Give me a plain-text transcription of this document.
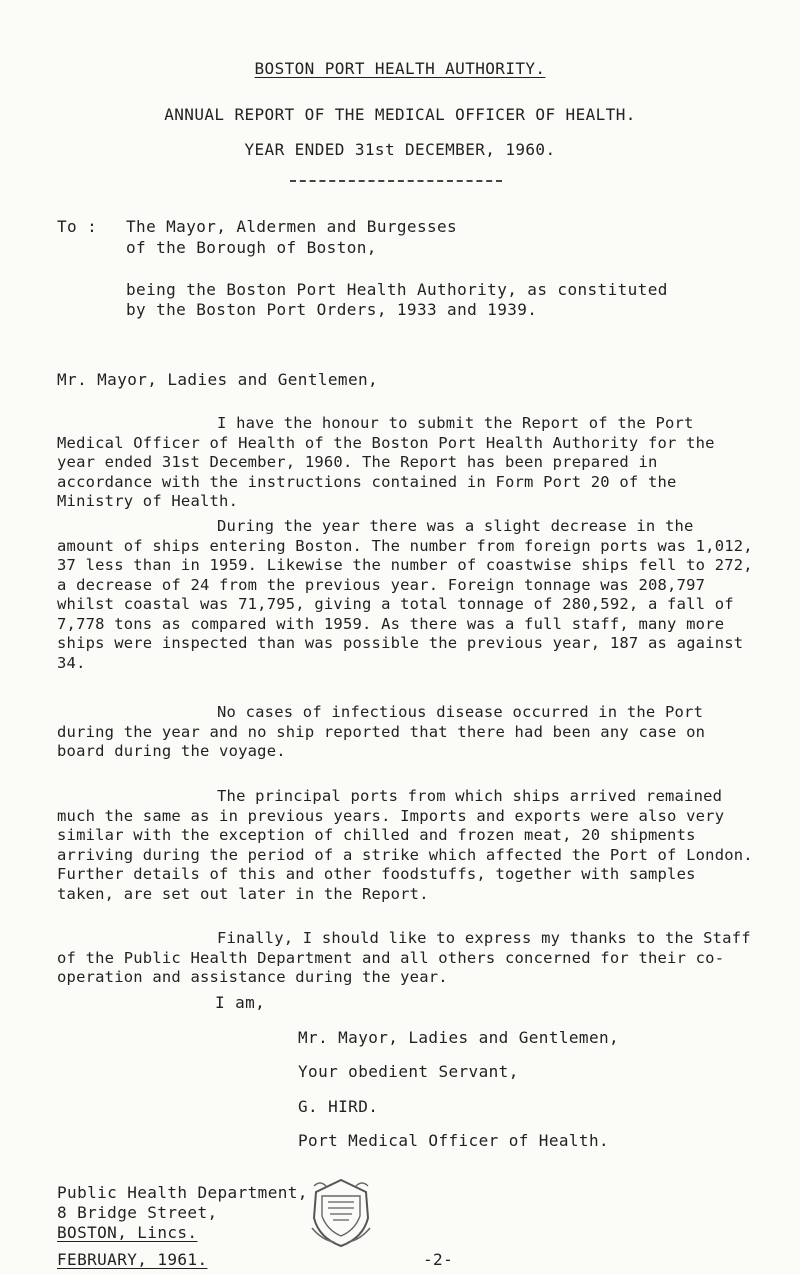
BOSTON PORT HEALTH AUTHORITY.
ANNUAL REPORT OF THE MEDICAL OFFICER OF HEALTH.
YEAR ENDED 31st DECEMBER, 1960.
To : The Mayor, Aldermen and Burgesses
of the Borough of Boston,
being the Boston Port Health Authority, as constituted
by the Boston Port Orders, 1933 and 1939.
Mr. Mayor, Ladies and Gentlemen,
I have the honour to submit the Report of the Port Medical Officer of Health of the Boston Port Health Authority for the year ended 31st December, 1960. The Report has been prepared in accordance with the instructions contained in Form Port 20 of the Ministry of Health.
During the year there was a slight decrease in the amount of ships entering Boston. The number from foreign ports was 1,012, 37 less than in 1959. Likewise the number of coastwise ships fell to 272, a decrease of 24 from the previous year. Foreign tonnage was 208,797 whilst coastal was 71,795, giving a total tonnage of 280,592, a fall of 7,778 tons as compared with 1959. As there was a full staff, many more ships were inspected than was possible the previous year, 187 as against 34.
No cases of infectious disease occurred in the Port during the year and no ship reported that there had been any case on board during the voyage.
The principal ports from which ships arrived remained much the same as in previous years. Imports and exports were also very similar with the exception of chilled and frozen meat, 20 shipments arriving during the period of a strike which affected the Port of London. Further details of this and other foodstuffs, together with samples taken, are set out later in the Report.
Finally, I should like to express my thanks to the Staff of the Public Health Department and all others concerned for their co-operation and assistance during the year.
I am,
Mr. Mayor, Ladies and Gentlemen,
Your obedient Servant,
G. HIRD.
Port Medical Officer of Health.
Public Health Department,
8 Bridge Street,
BOSTON, Lincs.
FEBRUARY, 1961.	-2-
